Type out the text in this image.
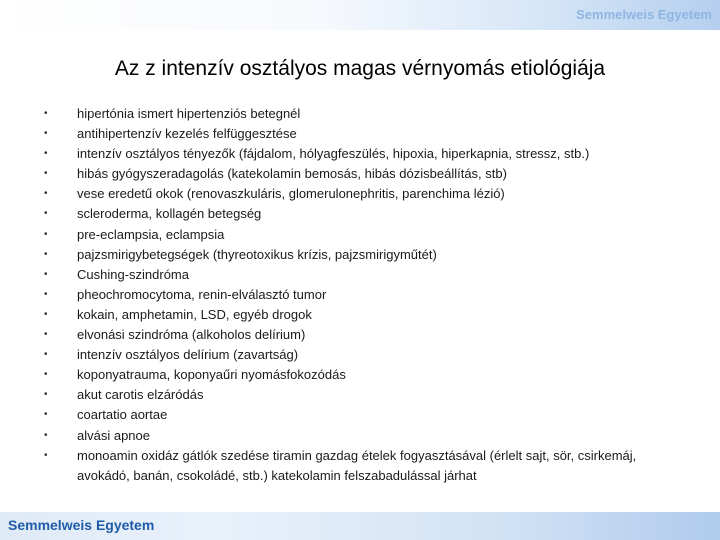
Semmelweis Egyetem
Az z intenzív osztályos magas vérnyomás etiológiája
• hipertónia ismert hipertenziós betegnél
• antihipertenzív kezelés felfüggesztése
• intenzív osztályos tényezők (fájdalom, hólyagfeszülés, hipoxia, hiperkapnia, stressz, stb.)
• hibás gyógyszeradagolás (katekolamin bemosás, hibás dózisbeállítás, stb)
• vese eredetű okok (renovaszkuláris, glomerulonephritis, parenchima lézió)
• scleroderma, kollagén betegség
• pre-eclampsia, eclampsia
• pajzsmirigybetegségek (thyreotoxikus krízis, pajzsmirigyműtét)
• Cushing-szindróma
• pheochromocytoma, renin-elválasztó tumor
• kokain, amphetamin, LSD, egyéb drogok
• elvonási szindróma (alkoholos delírium)
• intenzív osztályos delírium (zavartság)
• koponyatrauma, koponyaűri nyomásfokozódás
• akut carotis elzáródás
• coartatio aortae
• alvási apnoe
• monoamin oxidáz gátlók szedése tiramin gazdag ételek fogyasztásával (érlelt sajt, sör, csirkemáj, avokádó, banán, csokoládé, stb.) katekolamin felszabadulással járhat
Semmelweis Egyetem
